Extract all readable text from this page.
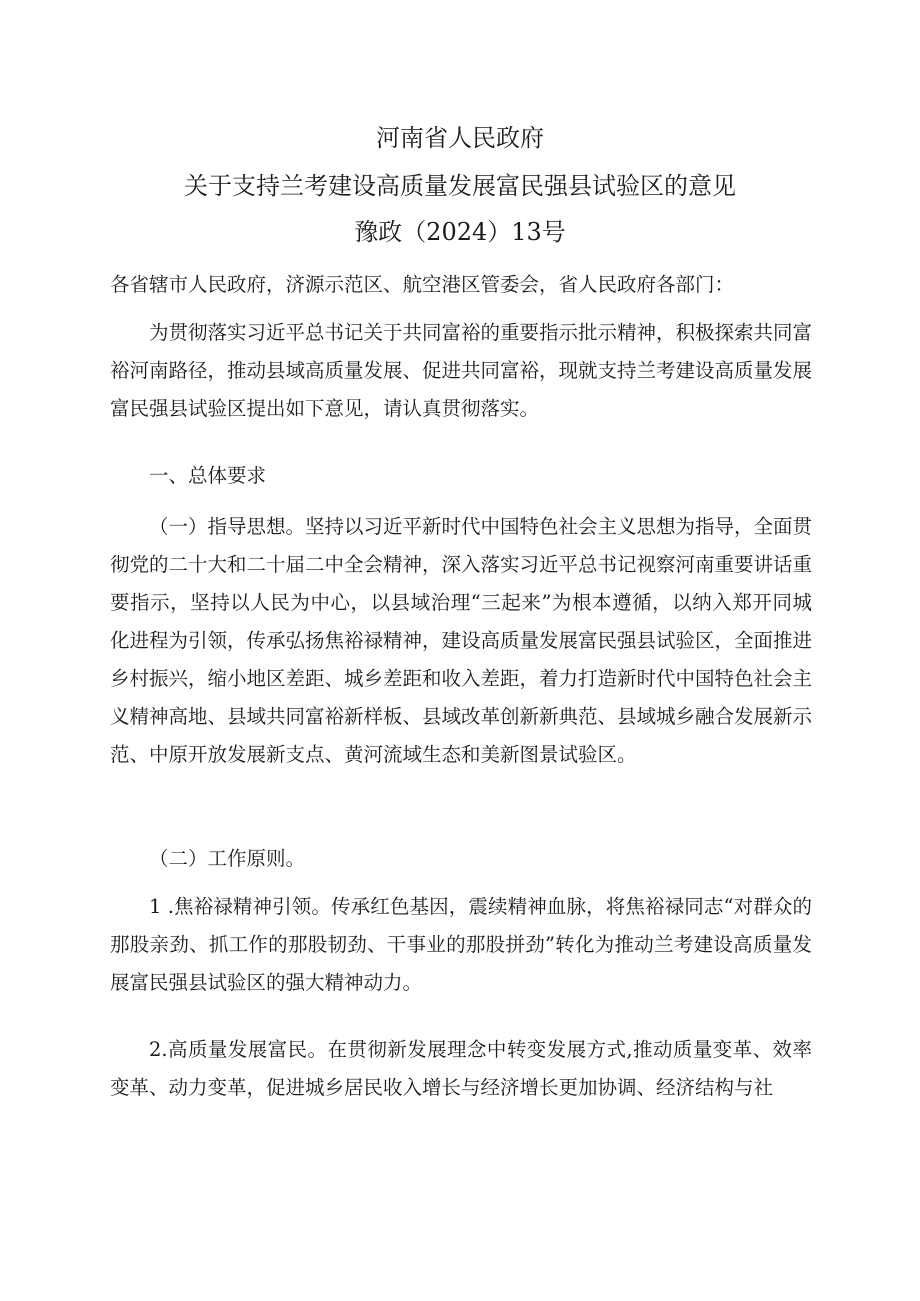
河南省人民政府
关于支持兰考建设高质量发展富民强县试验区的意见
豫政（2024）13号
各省辖市人民政府，济源示范区、航空港区管委会，省人民政府各部门：

为贯彻落实习近平总书记关于共同富裕的重要指示批示精神，积极探索共同富裕河南路径，推动县域高质量发展、促进共同富裕，现就支持兰考建设高质量发展富民强县试验区提出如下意见，请认真贯彻落实。

一、总体要求

（一）指导思想。坚持以习近平新时代中国特色社会主义思想为指导，全面贯彻党的二十大和二十届二中全会精神，深入落实习近平总书记视察河南重要讲话重要指示，坚持以人民为中心，以县域治理“三起来”为根本遵循，以纳入郑开同城化进程为引领，传承弘扬焦裕禄精神，建设高质量发展富民强县试验区，全面推进乡村振兴，缩小地区差距、城乡差距和收入差距，着力打造新时代中国特色社会主义精神高地、县域共同富裕新样板、县域改革创新新典范、县域城乡融合发展新示范、中原开放发展新支点、黄河流域生态和美新图景试验区。

（二）工作原则。

1 .焦裕禄精神引领。传承红色基因，震续精神血脉，将焦裕禄同志“对群众的那股亲劲、抓工作的那股韧劲、干事业的那股拼劲”转化为推动兰考建设高质量发展富民强县试验区的强大精神动力。

2.高质量发展富民。在贯彻新发展理念中转变发展方式,推动质量变革、效率变革、动力变革，促进城乡居民收入增长与经济增长更加协调、经济结构与社
